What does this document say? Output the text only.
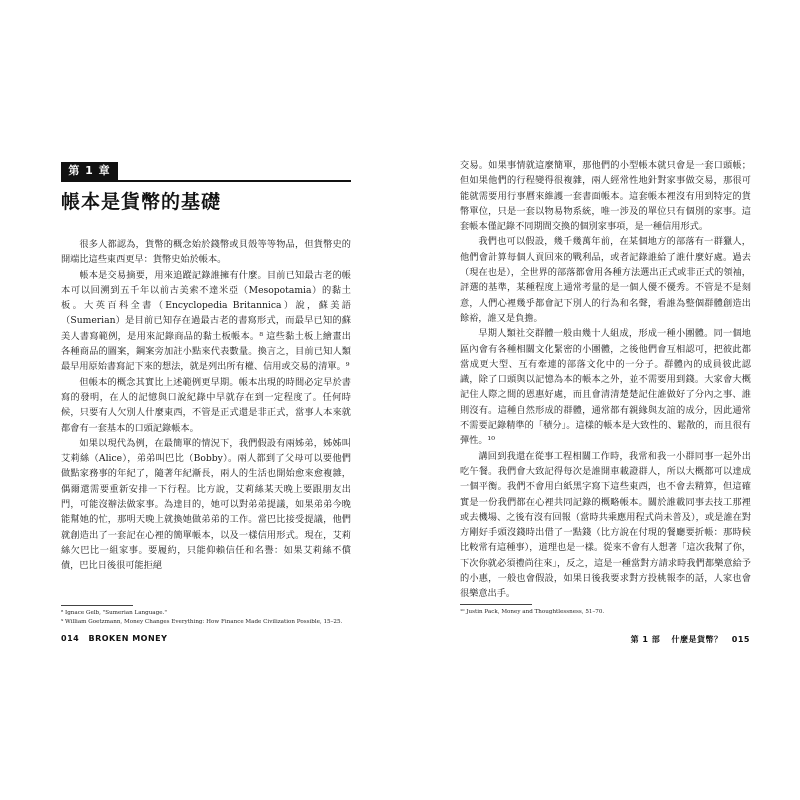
第 1 章
帳本是貨幣的基礎

很多人都認為，貨幣的概念始於錢幣或貝殼等等物品，但貨幣史的開端比這些東西更早：貨幣史始於帳本。

帳本是交易摘要，用來追蹤記錄誰擁有什麼。目前已知最古老的帳本可以回溯到五千年以前古美索不達米亞（Mesopotamia）的黏土板。大英百科全書（Encyclopedia Britannica）說，蘇美語（Sumerian）是目前已知存在過最古老的書寫形式，而最早已知的蘇美人書寫範例，是用來記錄商品的黏土板帳本。⁸ 這些黏土板上繪畫出各種商品的圖案，鋼案旁加註小點來代表數量。換言之，目前已知人類最早用原始書寫記下來的想法，就是列出所有權、信用或交易的清單。⁹

但帳本的概念其實比上述範例更早期。帳本出現的時間必定早於書寫的發明，在人的記憶與口說紀錄中早就存在到一定程度了。任何時候，只要有人欠別人什麼東西，不管是正式還是非正式，當事人本來就都會有一套基本的口頭記錄帳本。

如果以現代為例，在最簡單的情況下，我們假設有兩姊弟，姊姊叫艾莉絲（Alice），弟弟叫巴比（Bobby）。兩人都到了父母可以要他們做點家務事的年紀了，隨著年紀漸長，兩人的生活也開始愈來愈複雜，偶爾還需要重新安排一下行程。比方說，艾莉絲某天晚上要跟朋友出門，可能沒辦法做家事。為達目的，她可以對弟弟提議，如果弟弟今晚能幫她的忙，那明天晚上就換她做弟弟的工作。當巴比接受提議，他們就創造出了一套記在心裡的簡單帳本，以及一樣信用形式。現在，艾莉絲欠巴比一組家事。要履約，只能仰賴信任和名譽：如果艾莉絲不償債，巴比日後很可能拒絕

⁸ Ignace Gelb, "Sumerian Language."
⁹ William Goetzmann, Money Changes Everything: How Finance Made Civilization Possible, 15–25.
014 BROKEN MONEY

交易。如果事情就這麼簡單，那他們的小型帳本就只會是一套口頭帳；但如果他們的行程變得很複雜，兩人經常性地針對家事做交易，那很可能就需要用行事曆來維護一套書面帳本。這套帳本裡沒有用到特定的貨幣單位，只是一套以物易物系統，唯一涉及的單位只有個別的家事。這套帳本僅記錄不同期間交換的個別家事項，是一種信用形式。

我們也可以假設，幾千幾萬年前，在某個地方的部落有一群獵人，他們會計算每個人貢回來的戰利品，或者記錄誰給了誰什麼好處。過去（現在也是），全世界的部落都會用各種方法選出正式或非正式的領袖，評選的基準，某種程度上通常考量的是一個人優不優秀。不管是不是刻意，人們心裡幾乎都會記下別人的行為和名聲，看誰為整個群體創造出餘裕，誰又是負擔。

早期人類社交群體一般由幾十人組成，形成一種小團體。同一個地區內會有各種相關文化緊密的小團體，之後他們會互相認可，把彼此都當成更大型、互有牽連的部落文化中的一分子。群體內的成員彼此認識，除了口頭與以記憶為本的帳本之外，並不需要用到錢。大家會大概記住人際之間的恩惠好處，而且會清清楚楚記住誰做好了分內之事、誰則沒有。這種自然形成的群體，通常都有親緣與友誼的成分，因此通常不需要記錄精準的「積分」。這樣的帳本是大致性的、鬆散的，而且很有彈性。¹⁰

講回到我還在從事工程相關工作時，我常和我一小群同事一起外出吃午餐。我們會大致記得每次是誰開車載證群人，所以大概都可以達成一個平衡。我們不會用白紙黑字寫下這些東西，也不會去精算，但這確實是一份我們都在心裡共同記錄的概略帳本。關於誰載同事去技工那裡或去機場、之後有沒有回報（當時共乘應用程式尚未普及），或是誰在對方剛好手頭沒錢時出借了一點錢（比方說在付現的餐廳要折帳：那時候比較常有這種事），道理也是一樣。從來不會有人想著「這次我幫了你，下次你就必須禮尚往來」，反之，這是一種當對方請求時我們都樂意給予的小惠，一般也會假設，如果日後我要求對方投桃報李的話，人家也會很樂意出手。

¹⁰ Justin Pack, Money and Thoughtlessness, 51–70.
第 1 部 什麼是貨幣？ 015
